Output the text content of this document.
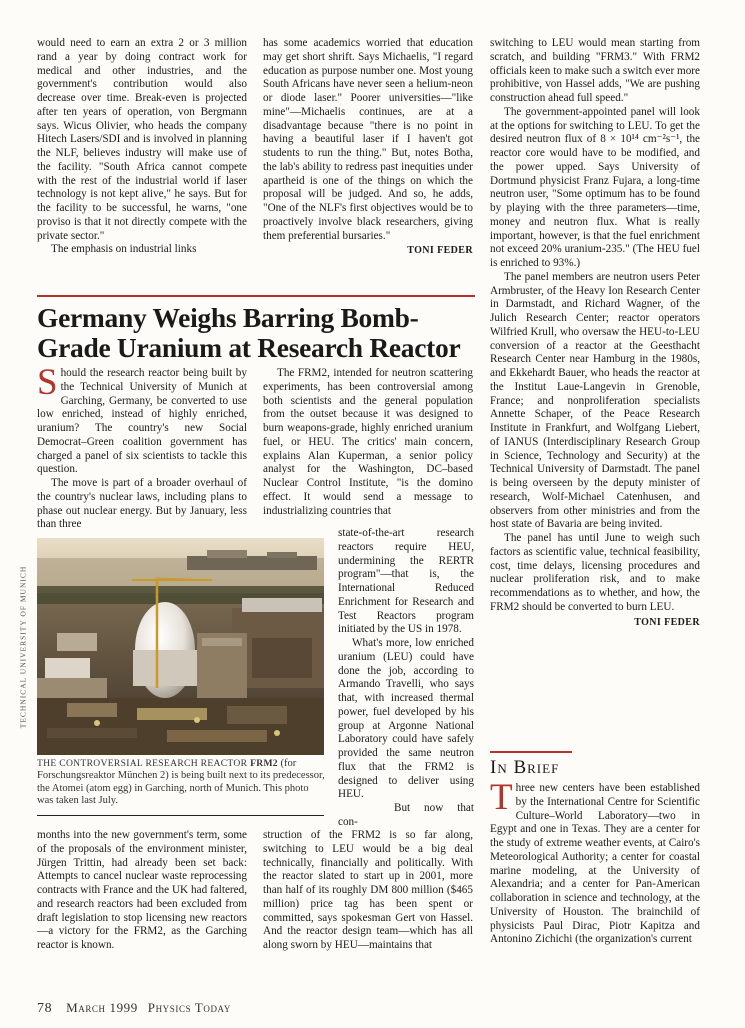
would need to earn an extra 2 or 3 million rand a year by doing contract work for medical and other industries, and the government's contribution would also decrease over time. Break-even is projected after ten years of operation, von Bergmann says. Wicus Olivier, who heads the company Hitech Lasers/SDI and is involved in planning the NLF, believes industry will make use of the facility. "South Africa cannot compete with the rest of the industrial world if laser technology is not kept alive," he says. But for the facility to be successful, he warns, "one proviso is that it not directly compete with the private sector."

The emphasis on industrial links

has some academics worried that education may get short shrift. Says Michaelis, "I regard education as purpose number one. Most young South Africans have never seen a helium-neon or diode laser." Poorer universities—"like mine"—Michaelis continues, are at a disadvantage because "there is no point in having a beautiful laser if I haven't got students to run the thing." But, notes Botha, the lab's ability to redress past inequities under apartheid is one of the things on which the proposal will be judged. And so, he adds, "One of the NLF's first objectives would be to proactively involve black researchers, giving them preferential bursaries."

TONI FEDER
Germany Weighs Barring Bomb-Grade Uranium at Research Reactor

Should the research reactor being built by the Technical University of Munich at Garching, Germany, be converted to use low enriched, instead of highly enriched, uranium? The country's new Social Democrat–Green coalition government has charged a panel of six scientists to tackle this question.

The move is part of a broader overhaul of the country's nuclear laws, including plans to phase out nuclear energy. But by January, less than three

The FRM2, intended for neutron scattering experiments, has been controversial among both scientists and the general population from the outset because it was designed to burn weapons-grade, highly enriched uranium fuel, or HEU. The critics' main concern, explains Alan Kuperman, a senior policy analyst for the Washington, DC–based Nuclear Control Institute, "is the domino effect. It would send a message to industrializing countries that

state-of-the-art research reactors require HEU, undermining the RERTR program"—that is, the International Reduced Enrichment for Research and Test Reactors program initiated by the US in 1978.

What's more, low enriched uranium (LEU) could have done the job, according to Armando Travelli, who says that, with increased thermal power, fuel developed by his group at Argonne National Laboratory could have safely provided the same neutron flux that the FRM2 is designed to deliver using HEU.

But now that con-

TECHNICAL UNIVERSITY OF MUNICH
THE CONTROVERSIAL RESEARCH REACTOR FRM2 (for Forschungsreaktor München 2) is being built next to its predecessor, the Atomei (atom egg) in Garching, north of Munich. This photo was taken last July.

months into the new government's term, some of the proposals of the environment minister, Jürgen Trittin, had already been set back: Attempts to cancel nuclear waste reprocessing contracts with France and the UK had faltered, and research reactors had been excluded from draft legislation to stop licensing new reactors—a victory for the FRM2, as the Garching reactor is known.

struction of the FRM2 is so far along, switching to LEU would be a big deal technically, financially and politically. With the reactor slated to start up in 2001, more than half of its roughly DM 800 million ($465 million) price tag has been spent or committed, says spokesman Gert von Hassel. And the reactor design team—which has all along sworn by HEU—maintains that

switching to LEU would mean starting from scratch, and building "FRM3." With FRM2 officials keen to make such a switch ever more prohibitive, von Hassel adds, "We are pushing construction ahead full speed."

The government-appointed panel will look at the options for switching to LEU. To get the desired neutron flux of 8 × 10¹⁴ cm⁻²s⁻¹, the reactor core would have to be modified, and the power upped. Says University of Dortmund physicist Franz Fujara, a long-time neutron user, "Some optimum has to be found by playing with the three parameters—time, money and neutron flux. What is really important, however, is that the fuel enrichment not exceed 20% uranium-235." (The HEU fuel is enriched to 93%.)

The panel members are neutron users Peter Armbruster, of the Heavy Ion Research Center in Darmstadt, and Richard Wagner, of the Julich Research Center; reactor operators Wilfried Krull, who oversaw the HEU-to-LEU conversion of a reactor at the Geesthacht Research Center near Hamburg in the 1980s, and Ekkehardt Bauer, who heads the reactor at the Institut Laue-Langevin in Grenoble, France; and nonproliferation specialists Annette Schaper, of the Peace Research Institute in Frankfurt, and Wolfgang Liebert, of IANUS (Interdisciplinary Research Group in Science, Technology and Security) at the Technical University of Darmstadt. The panel is being overseen by the deputy minister of research, Wolf-Michael Catenhusen, and observers from other ministries and from the host state of Bavaria are being invited.

The panel has until June to weigh such factors as scientific value, technical feasibility, cost, time delays, licensing procedures and nuclear proliferation risk, and to make recommendations as to whether, and how, the FRM2 should be converted to burn LEU.

TONI FEDER
In Brief

Three new centers have been established by the International Centre for Scientific Culture–World Laboratory—two in Egypt and one in Texas. They are a center for the study of extreme weather events, at Cairo's Meteorological Authority; a center for coastal marine modeling, at the University of Alexandria; and a center for Pan-American collaboration in science and technology, at the University of Houston. The brainchild of physicists Paul Dirac, Piotr Kapitza and Antonino Zichichi (the organization's current

78 March 1999 Physics Today
